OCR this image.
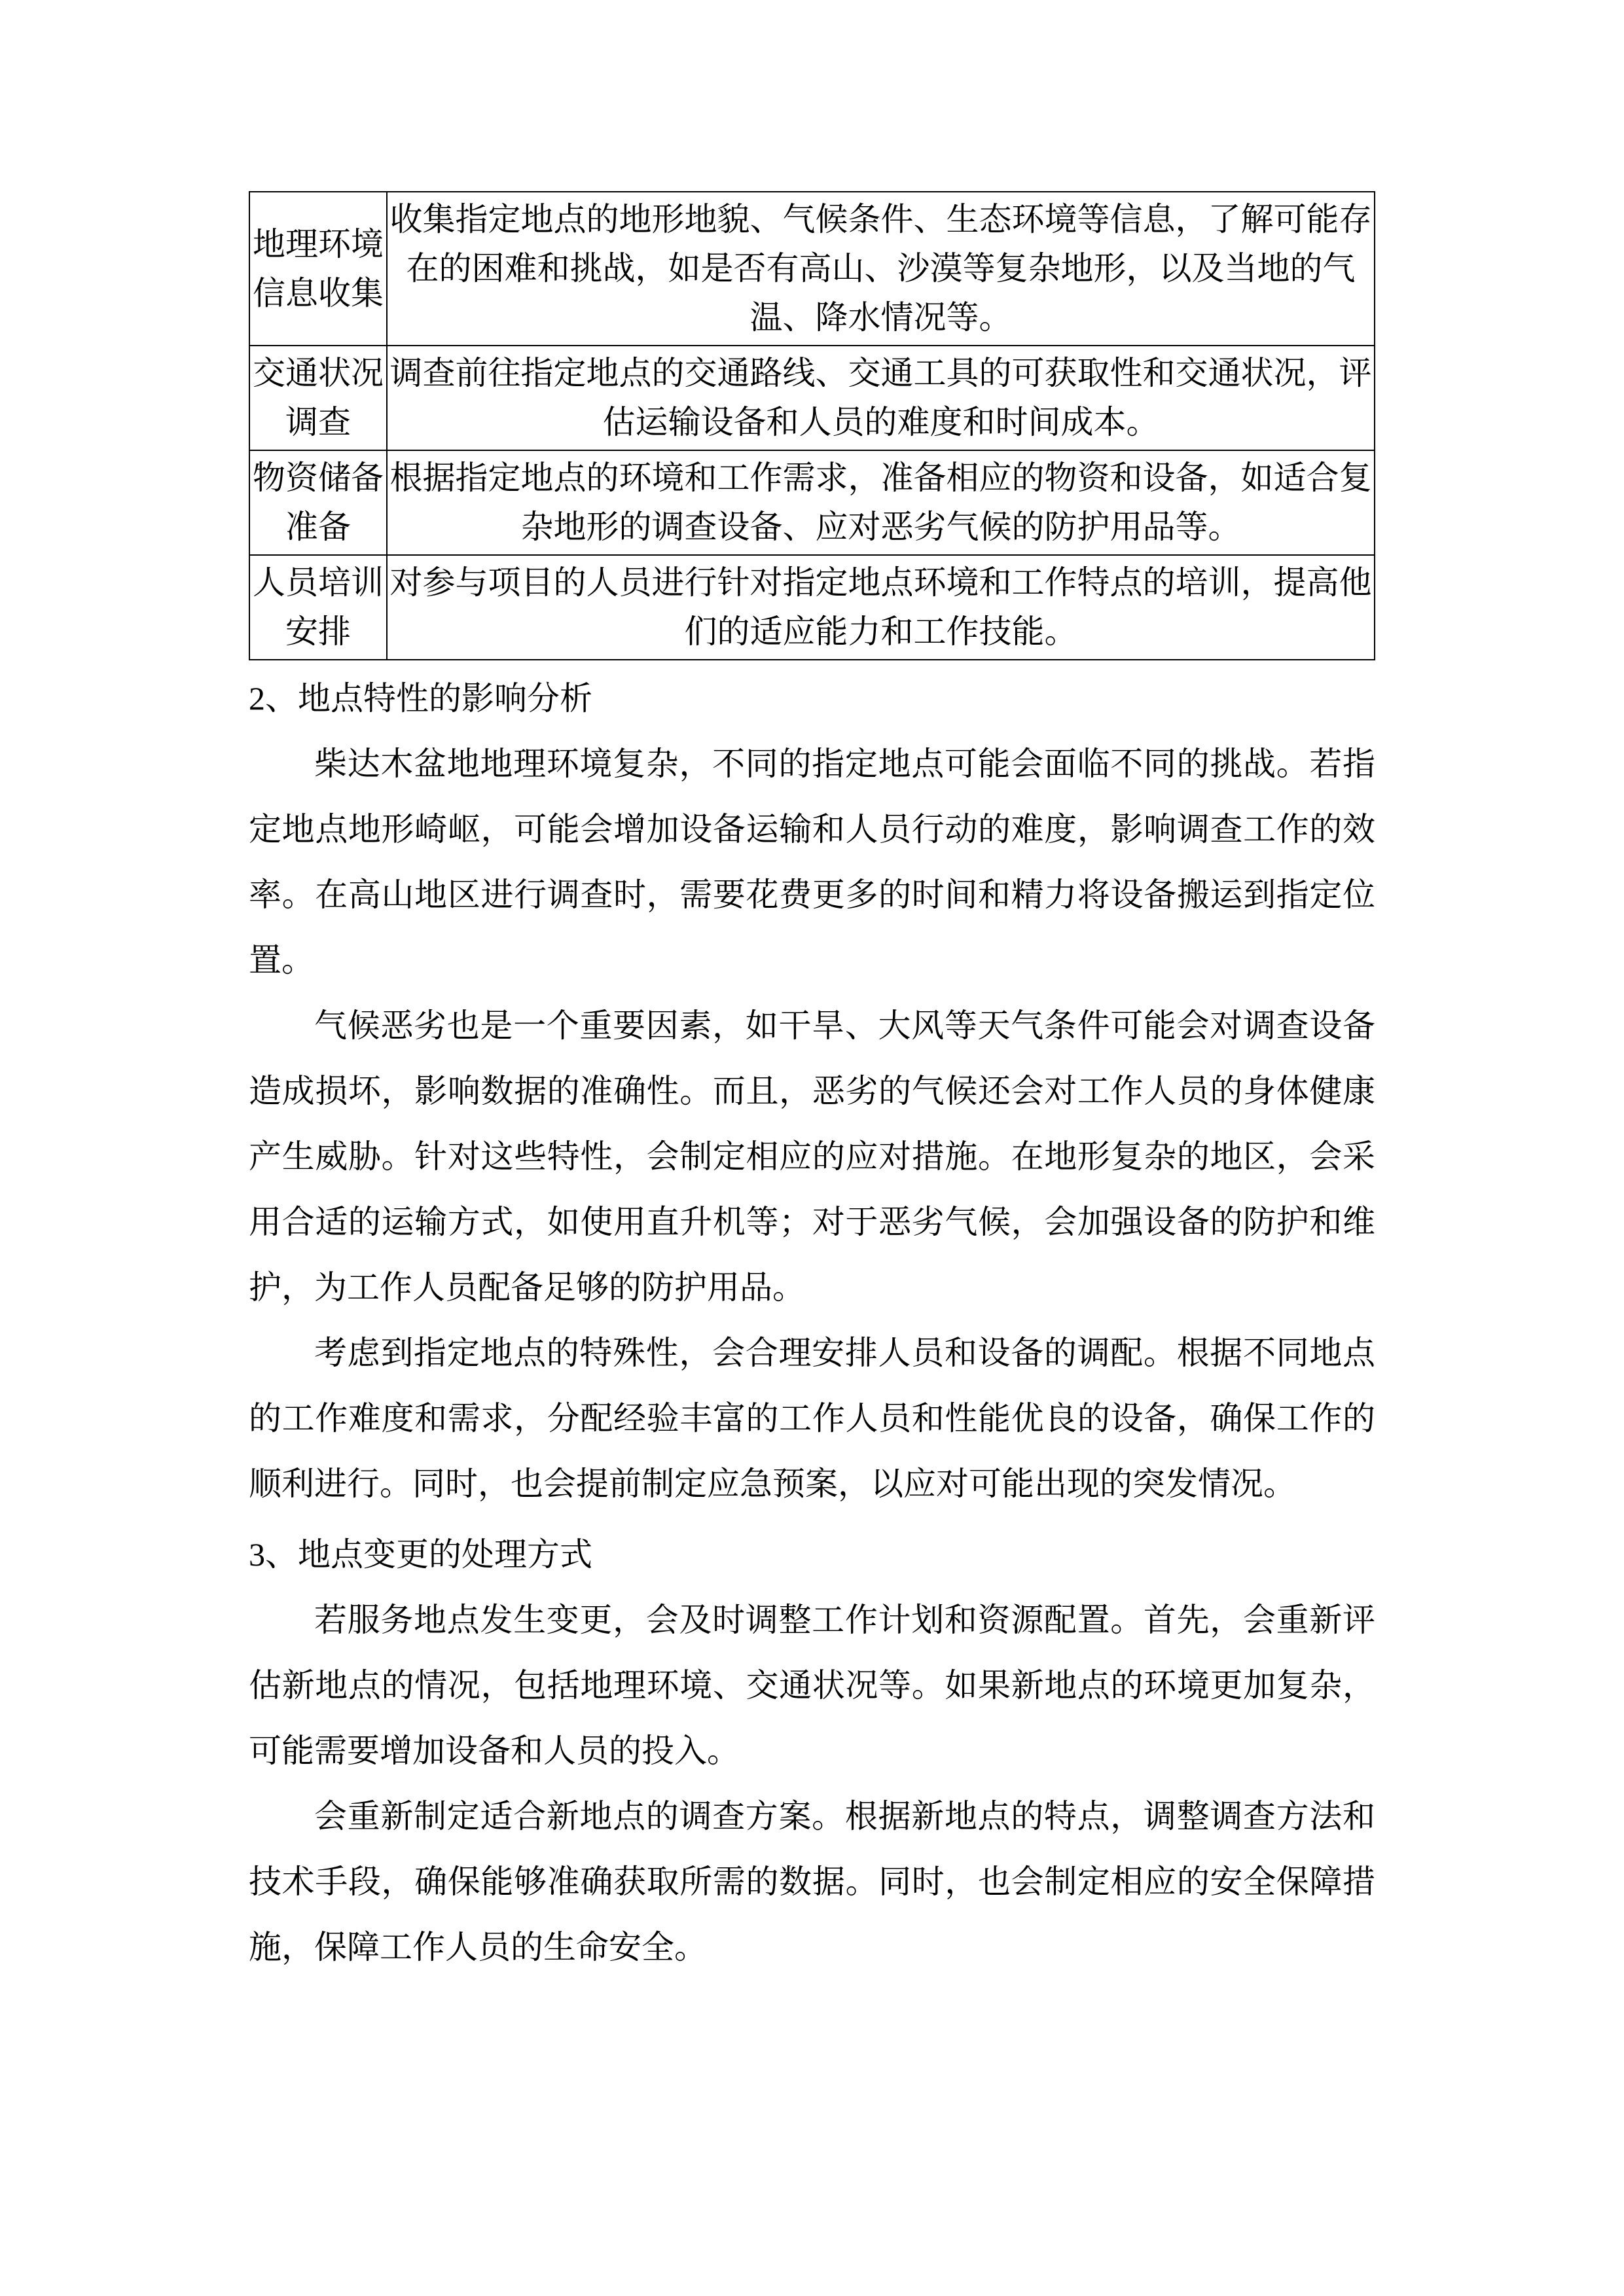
地理环境信息收集	收集指定地点的地形地貌、气候条件、生态环境等信息，了解可能存在的困难和挑战，如是否有高山、沙漠等复杂地形，以及当地的气温、降水情况等。
交通状况调查	调查前往指定地点的交通路线、交通工具的可获取性和交通状况，评估运输设备和人员的难度和时间成本。
物资储备准备	根据指定地点的环境和工作需求，准备相应的物资和设备，如适合复杂地形的调查设备、应对恶劣气候的防护用品等。
人员培训安排	对参与项目的人员进行针对指定地点环境和工作特点的培训，提高他们的适应能力和工作技能。
2、地点特性的影响分析

柴达木盆地地理环境复杂，不同的指定地点可能会面临不同的挑战。若指定地点地形崎岖，可能会增加设备运输和人员行动的难度，影响调查工作的效率。在高山地区进行调查时，需要花费更多的时间和精力将设备搬运到指定位置。

气候恶劣也是一个重要因素，如干旱、大风等天气条件可能会对调查设备造成损坏，影响数据的准确性。而且，恶劣的气候还会对工作人员的身体健康产生威胁。针对这些特性，会制定相应的应对措施。在地形复杂的地区，会采用合适的运输方式，如使用直升机等；对于恶劣气候，会加强设备的防护和维护，为工作人员配备足够的防护用品。

考虑到指定地点的特殊性，会合理安排人员和设备的调配。根据不同地点的工作难度和需求，分配经验丰富的工作人员和性能优良的设备，确保工作的顺利进行。同时，也会提前制定应急预案，以应对可能出现的突发情况。

3、地点变更的处理方式

若服务地点发生变更，会及时调整工作计划和资源配置。首先，会重新评估新地点的情况，包括地理环境、交通状况等。如果新地点的环境更加复杂，可能需要增加设备和人员的投入。

会重新制定适合新地点的调查方案。根据新地点的特点，调整调查方法和技术手段，确保能够准确获取所需的数据。同时，也会制定相应的安全保障措施，保障工作人员的生命安全。
